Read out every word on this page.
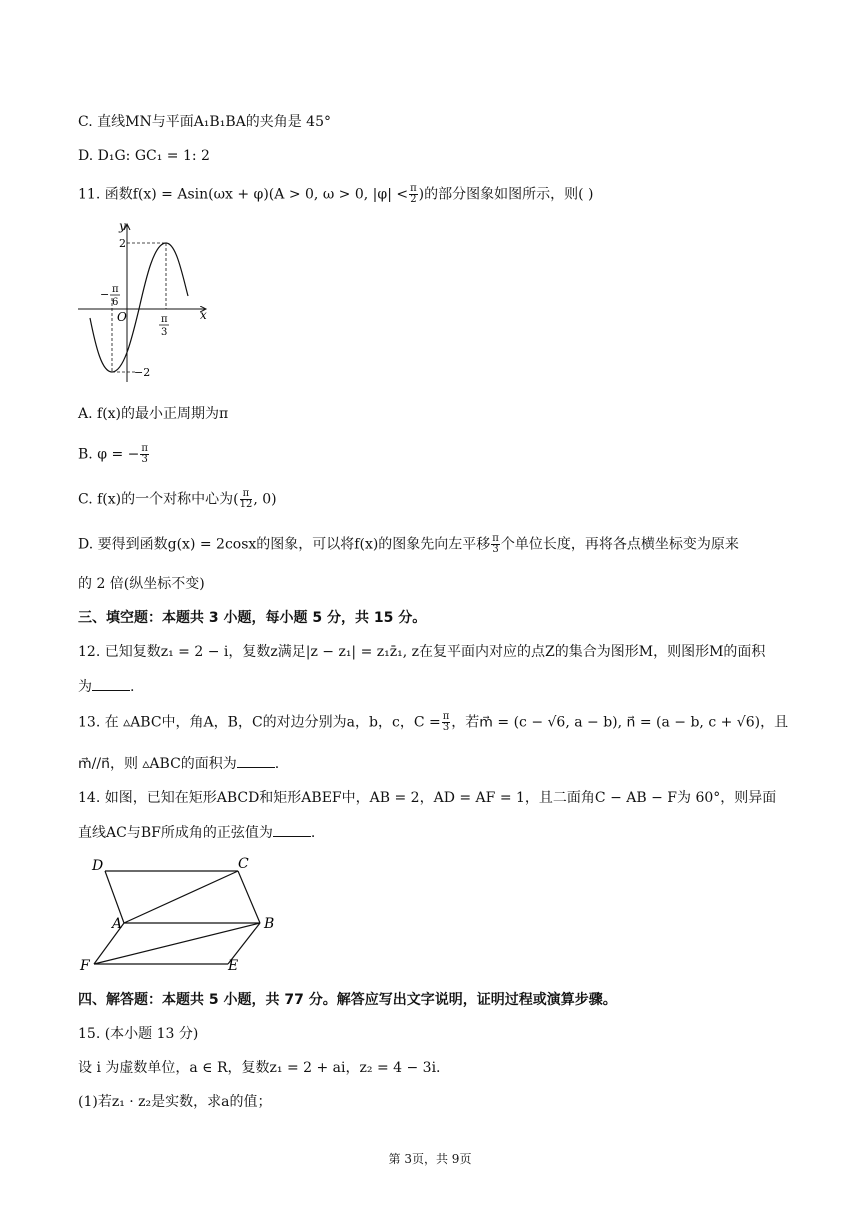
C. 直线MN与平面A₁B₁BA的夹角是 45°
D. D₁G: GC₁ = 1: 2
11. 函数f(x) = Asin(ωx + φ)(A > 0, ω > 0, $|\varphi| < \frac{\pi}{2}$ )的部分图象如图所示，则( )
y
x
O
2
−2
− π
6
π
3
A. f(x)的最小正周期为π
B. φ = − $\frac{\pi}{3}$
C. f(x)的一个对称中心为( $\frac{\pi}{12}$ , 0)
D. 要得到函数g(x) = 2cosx的图象，可以将f(x)的图象先向左平移 $\frac{\pi}{3}$ 个单位长度，再将各点横坐标变为原来
的 2 倍(纵坐标不变)
三、填空题：本题共 3 小题，每小题 5 分，共 15 分。
12. 已知复数z₁ = 2 − i，复数z满足|z − z₁| = z₁z̄₁, z在复平面内对应的点Z的集合为图形M，则图形M的面积
为	.
13. 在 ▵ABC中，角A，B，C的对边分别为a，b，c，$C = \frac{\pi}{3}$ ，若m⃗ = (c − √6, a − b), n⃗ = (a − b, c + √6)，且
m⃗//n⃗，则 ▵ABC的面积为	.
14. 如图，已知在矩形ABCD和矩形ABEF中，AB = 2，AD = AF = 1，且二面角C − AB − F为 60°，则异面
直线AC与BF所成角的正弦值为	.
D	C
A	B
F	E
四、解答题：本题共 5 小题，共 77 分。解答应写出文字说明，证明过程或演算步骤。
15. (本小题 13 分)
设 i 为虚数单位，a ∈ R，复数z₁ = 2 + ai，z₂ = 4 − 3i.
(1)若z₁ · z₂是实数，求a的值；
第 3页，共 9页
